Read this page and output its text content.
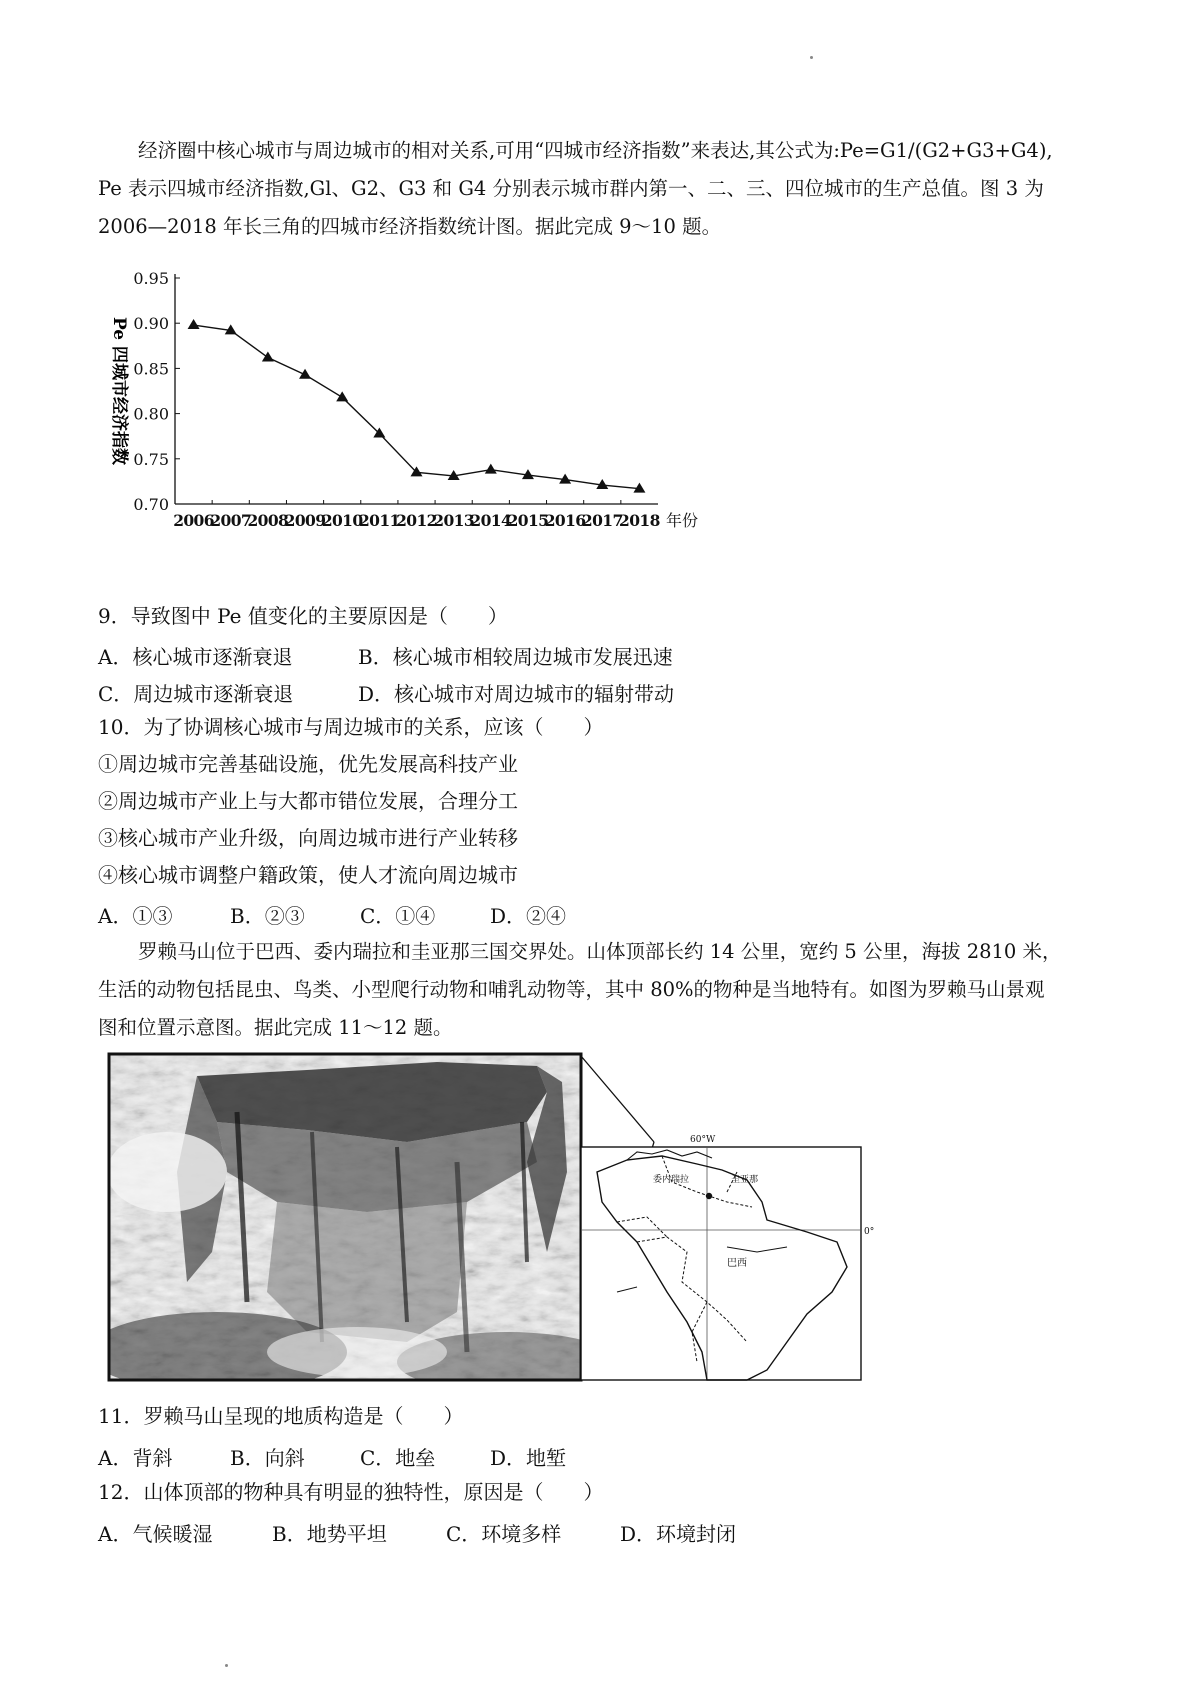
经济圈中核心城市与周边城市的相对关系,可用“四城市经济指数”来表达,其公式为:Pe=G1/(G2+G3+G4),
Pe 表示四城市经济指数,Gl、G2、G3 和 G4 分别表示城市群内第一、二、三、四位城市的生产总值。图 3 为
2006—2018 年长三角的四城市经济指数统计图。据此完成 9～10 题。
0.95
0.90
0.85
0.80
0.75
0.70
2006
2007
2008
2009
2010
2011
2012
2013
2014
2015
2016
2017
2018 年份
Pe 四城市经济指数
9．导致图中 Pe 值变化的主要原因是（　　）
A．核心城市逐渐衰退	B．核心城市相较周边城市发展迅速
C．周边城市逐渐衰退	D．核心城市对周边城市的辐射带动
10．为了协调核心城市与周边城市的关系，应该（　　）
①周边城市完善基础设施，优先发展高科技产业
②周边城市产业上与大都市错位发展，合理分工
③核心城市产业升级，向周边城市进行产业转移
④核心城市调整户籍政策，使人才流向周边城市
A．①③	B．②③	C．①④	D．②④
罗赖马山位于巴西、委内瑞拉和圭亚那三国交界处。山体顶部长约 14 公里，宽约 5 公里，海拔 2810 米，
生活的动物包括昆虫、鸟类、小型爬行动物和哺乳动物等，其中 80%的物种是当地特有。如图为罗赖马山景观
图和位置示意图。据此完成 11～12 题。
60°W
0°
委内瑞拉	圭亚那
巴西
11．罗赖马山呈现的地质构造是（　　）
A．背斜	B．向斜	C．地垒	D．地堑
12．山体顶部的物种具有明显的独特性，原因是（　　）
A．气候暖湿	B．地势平坦	C．环境多样	D．环境封闭
